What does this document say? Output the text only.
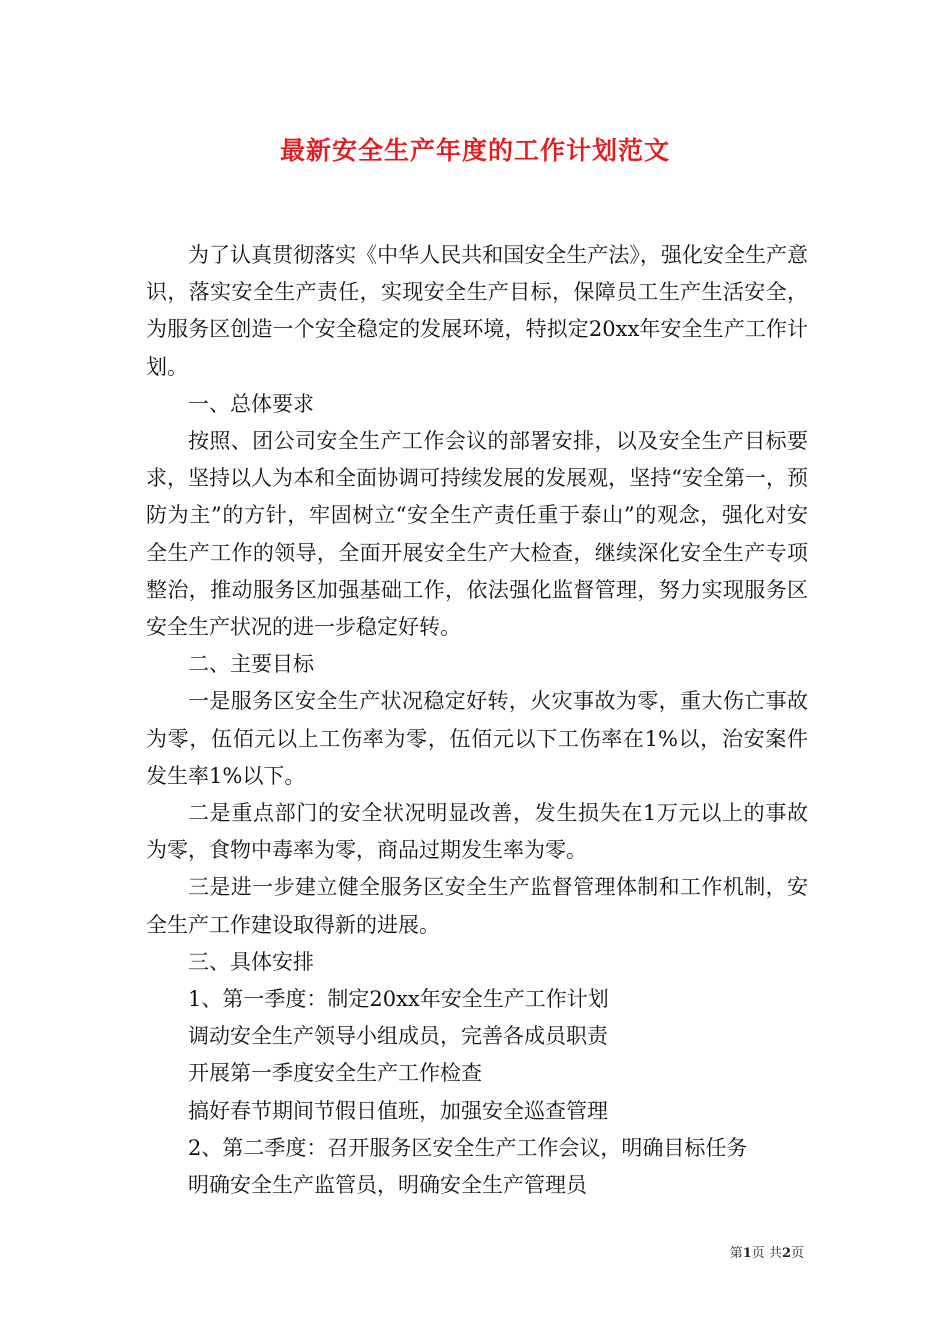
最新安全生产年度的工作计划范文

为了认真贯彻落实《中华人民共和国安全生产法》，强化安全生产意识，落实安全生产责任，实现安全生产目标，保障员工生产生活安全，为服务区创造一个安全稳定的发展环境，特拟定20xx年安全生产工作计划。

一、总体要求

按照、团公司安全生产工作会议的部署安排，以及安全生产目标要求，坚持以人为本和全面协调可持续发展的发展观，坚持“安全第一，预防为主”的方针，牢固树立“安全生产责任重于泰山”的观念，强化对安全生产工作的领导，全面开展安全生产大检查，继续深化安全生产专项整治，推动服务区加强基础工作，依法强化监督管理，努力实现服务区安全生产状况的进一步稳定好转。

二、主要目标

一是服务区安全生产状况稳定好转，火灾事故为零，重大伤亡事故为零，伍佰元以上工伤率为零，伍佰元以下工伤率在1%以，治安案件发生率1%以下。

二是重点部门的安全状况明显改善，发生损失在1万元以上的事故为零，食物中毒率为零，商品过期发生率为零。

三是进一步建立健全服务区安全生产监督管理体制和工作机制，安全生产工作建设取得新的进展。

三、具体安排

1、第一季度：制定20xx年安全生产工作计划

调动安全生产领导小组成员，完善各成员职责

开展第一季度安全生产工作检查

搞好春节期间节假日值班，加强安全巡查管理

2、第二季度：召开服务区安全生产工作会议，明确目标任务

明确安全生产监管员，明确安全生产管理员

第1页 共2页
